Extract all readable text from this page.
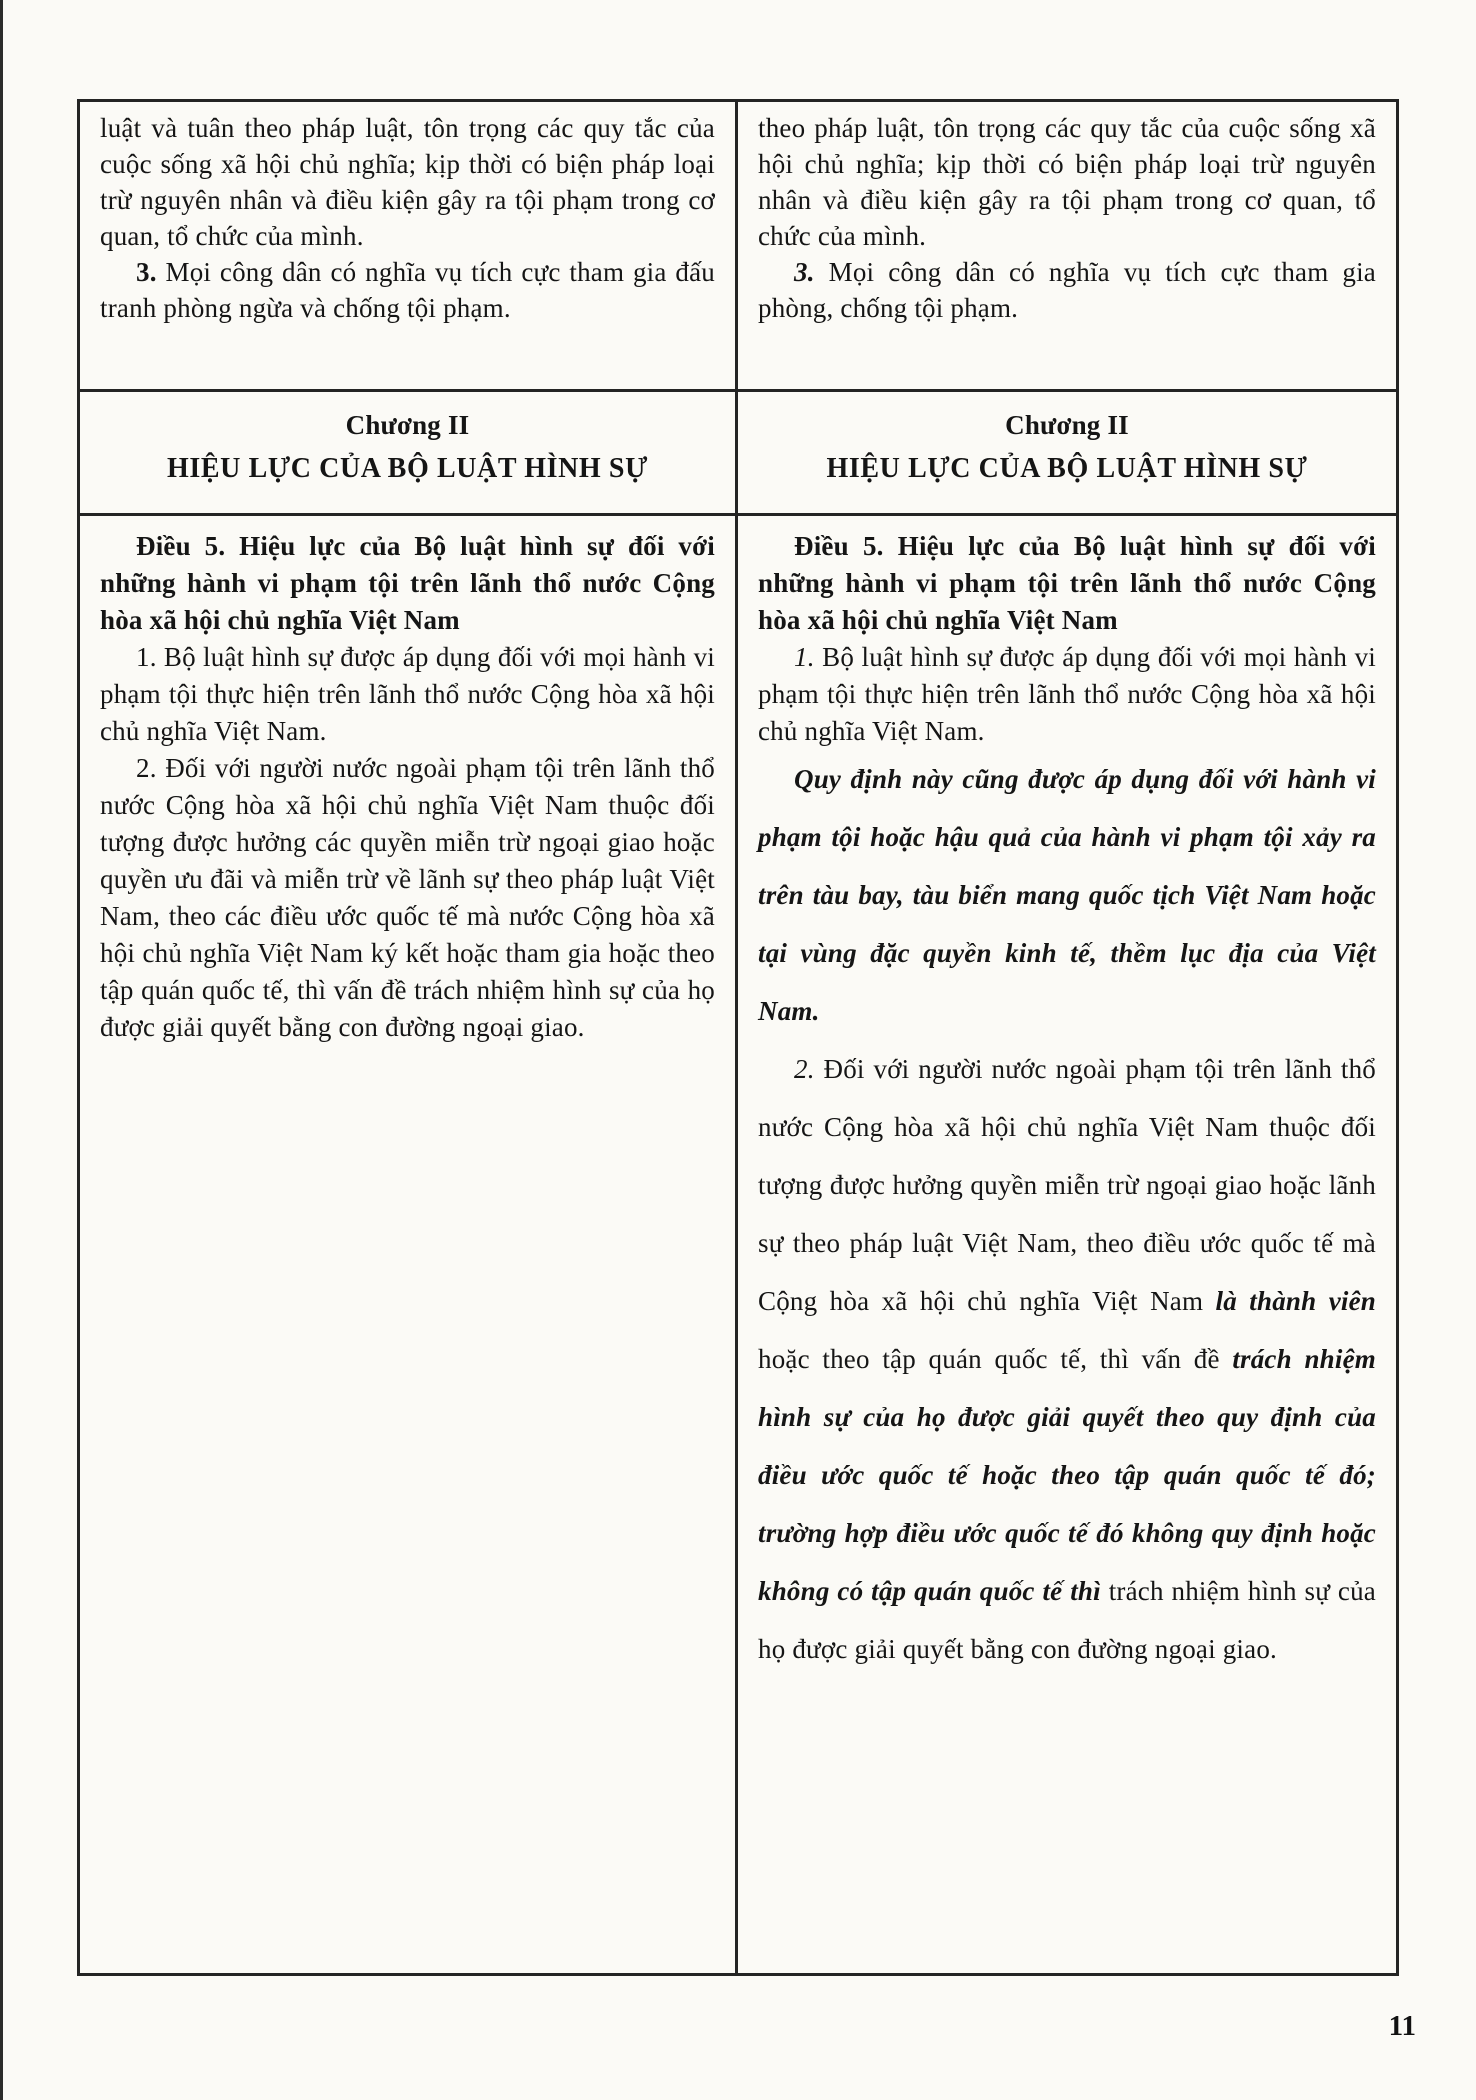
luật và tuân theo pháp luật, tôn trọng các quy tắc của cuộc sống xã hội chủ nghĩa; kịp thời có biện pháp loại trừ nguyên nhân và điều kiện gây ra tội phạm trong cơ quan, tổ chức của mình.

3. Mọi công dân có nghĩa vụ tích cực tham gia đấu tranh phòng ngừa và chống tội phạm.

theo pháp luật, tôn trọng các quy tắc của cuộc sống xã hội chủ nghĩa; kịp thời có biện pháp loại trừ nguyên nhân và điều kiện gây ra tội phạm trong cơ quan, tổ chức của mình.

3. Mọi công dân có nghĩa vụ tích cực tham gia phòng, chống tội phạm.

Chương II

HIỆU LỰC CỦA BỘ LUẬT HÌNH SỰ

Chương II

HIỆU LỰC CỦA BỘ LUẬT HÌNH SỰ

Điều 5. Hiệu lực của Bộ luật hình sự đối với những hành vi phạm tội trên lãnh thổ nước Cộng hòa xã hội chủ nghĩa Việt Nam

1. Bộ luật hình sự được áp dụng đối với mọi hành vi phạm tội thực hiện trên lãnh thổ nước Cộng hòa xã hội chủ nghĩa Việt Nam.

2. Đối với người nước ngoài phạm tội trên lãnh thổ nước Cộng hòa xã hội chủ nghĩa Việt Nam thuộc đối tượng được hưởng các quyền miễn trừ ngoại giao hoặc quyền ưu đãi và miễn trừ về lãnh sự theo pháp luật Việt Nam, theo các điều ước quốc tế mà nước Cộng hòa xã hội chủ nghĩa Việt Nam ký kết hoặc tham gia hoặc theo tập quán quốc tế, thì vấn đề trách nhiệm hình sự của họ được giải quyết bằng con đường ngoại giao.

Điều 5. Hiệu lực của Bộ luật hình sự đối với những hành vi phạm tội trên lãnh thổ nước Cộng hòa xã hội chủ nghĩa Việt Nam

1. Bộ luật hình sự được áp dụng đối với mọi hành vi phạm tội thực hiện trên lãnh thổ nước Cộng hòa xã hội chủ nghĩa Việt Nam.

Quy định này cũng được áp dụng đối với hành vi phạm tội hoặc hậu quả của hành vi phạm tội xảy ra trên tàu bay, tàu biển mang quốc tịch Việt Nam hoặc tại vùng đặc quyền kinh tế, thềm lục địa của Việt Nam.

2. Đối với người nước ngoài phạm tội trên lãnh thổ nước Cộng hòa xã hội chủ nghĩa Việt Nam thuộc đối tượng được hưởng quyền miễn trừ ngoại giao hoặc lãnh sự theo pháp luật Việt Nam, theo điều ước quốc tế mà Cộng hòa xã hội chủ nghĩa Việt Nam là thành viên hoặc theo tập quán quốc tế, thì vấn đề trách nhiệm hình sự của họ được giải quyết theo quy định của điều ước quốc tế hoặc theo tập quán quốc tế đó; trường hợp điều ước quốc tế đó không quy định hoặc không có tập quán quốc tế thì trách nhiệm hình sự của họ được giải quyết bằng con đường ngoại giao.

11
